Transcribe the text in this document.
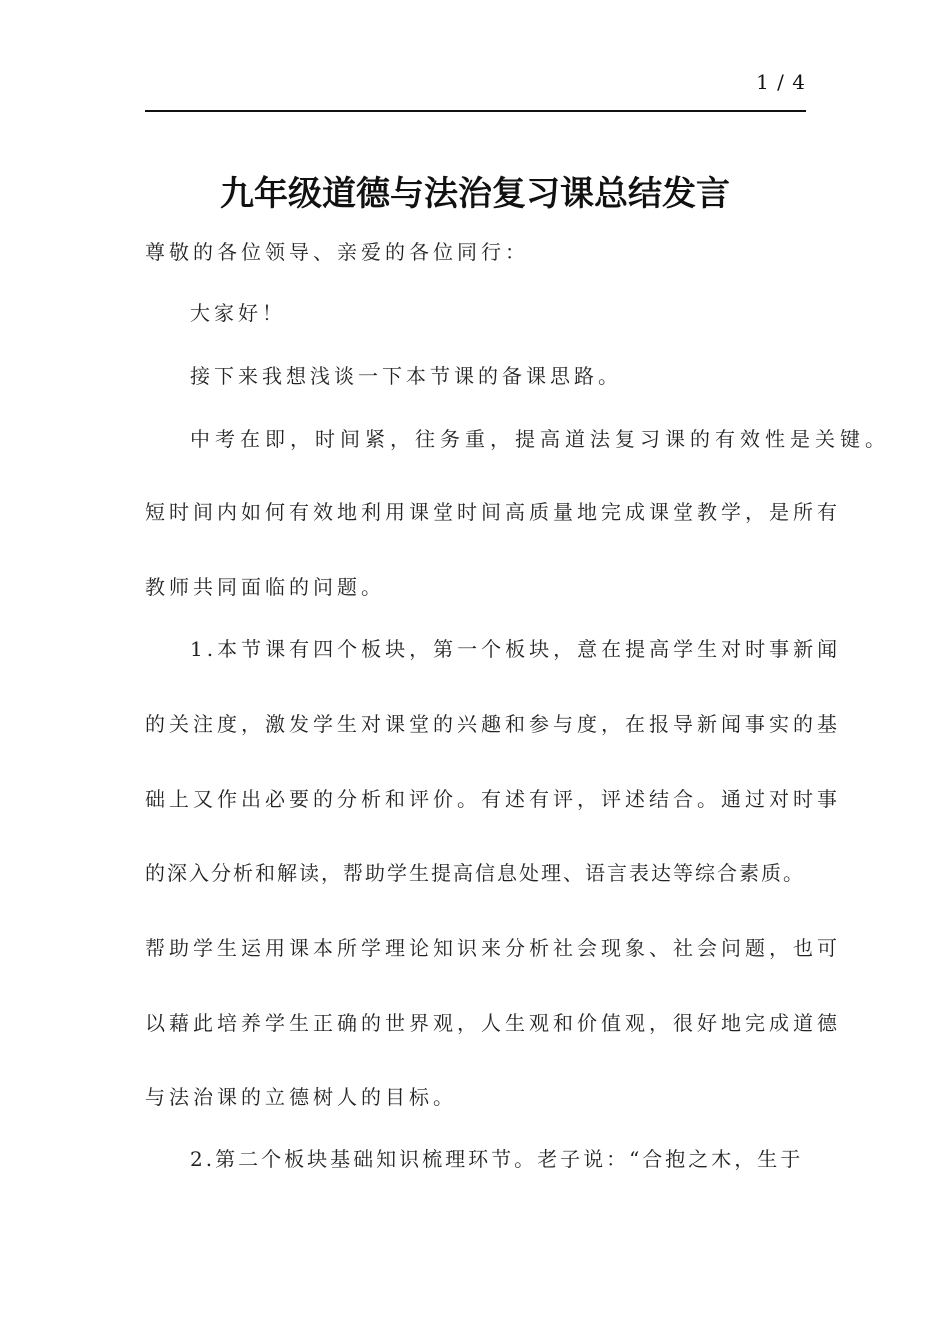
1 / 4
九年级道德与法治复习课总结发言
尊敬的各位领导、亲爱的各位同行：
大家好！
接下来我想浅谈一下本节课的备课思路。
中考在即，时间紧，往务重，提高道法复习课的有效性是关键。
短时间内如何有效地利用课堂时间高质量地完成课堂教学，是所有
教师共同面临的问题。
1.本节课有四个板块，第一个板块，意在提高学生对时事新闻
的关注度，激发学生对课堂的兴趣和参与度，在报导新闻事实的基
础上又作出必要的分析和评价。有述有评，评述结合。通过对时事
的深入分析和解读，帮助学生提高信息处理、语言表达等综合素质。
帮助学生运用课本所学理论知识来分析社会现象、社会问题，也可
以藉此培养学生正确的世界观，人生观和价值观，很好地完成道德
与法治课的立德树人的目标。
2.第二个板块基础知识梳理环节。老子说：“合抱之木，生于
